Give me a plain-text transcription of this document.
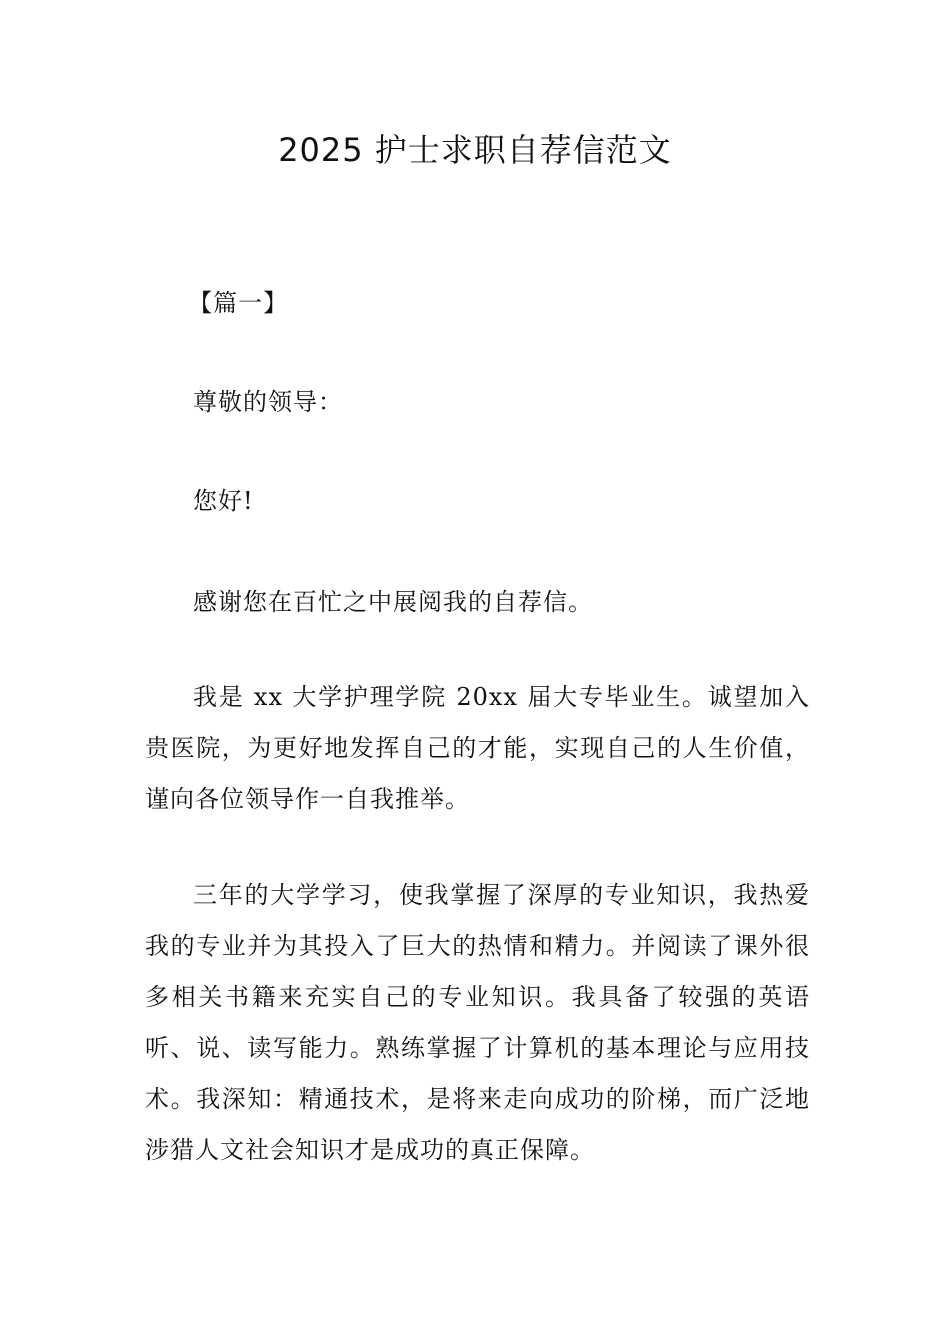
2025 护士求职自荐信范文

【篇一】

尊敬的领导：

您好!

感谢您在百忙之中展阅我的自荐信。

我是 xx 大学护理学院 20xx 届大专毕业生。诚望加入贵医院，为更好地发挥自己的才能，实现自己的人生价值，谨向各位领导作一自我推举。

三年的大学学习，使我掌握了深厚的专业知识，我热爱我的专业并为其投入了巨大的热情和精力。并阅读了课外很多相关书籍来充实自己的专业知识。我具备了较强的英语听、说、读写能力。熟练掌握了计算机的基本理论与应用技术。我深知：精通技术，是将来走向成功的阶梯，而广泛地涉猎人文社会知识才是成功的真正保障。
